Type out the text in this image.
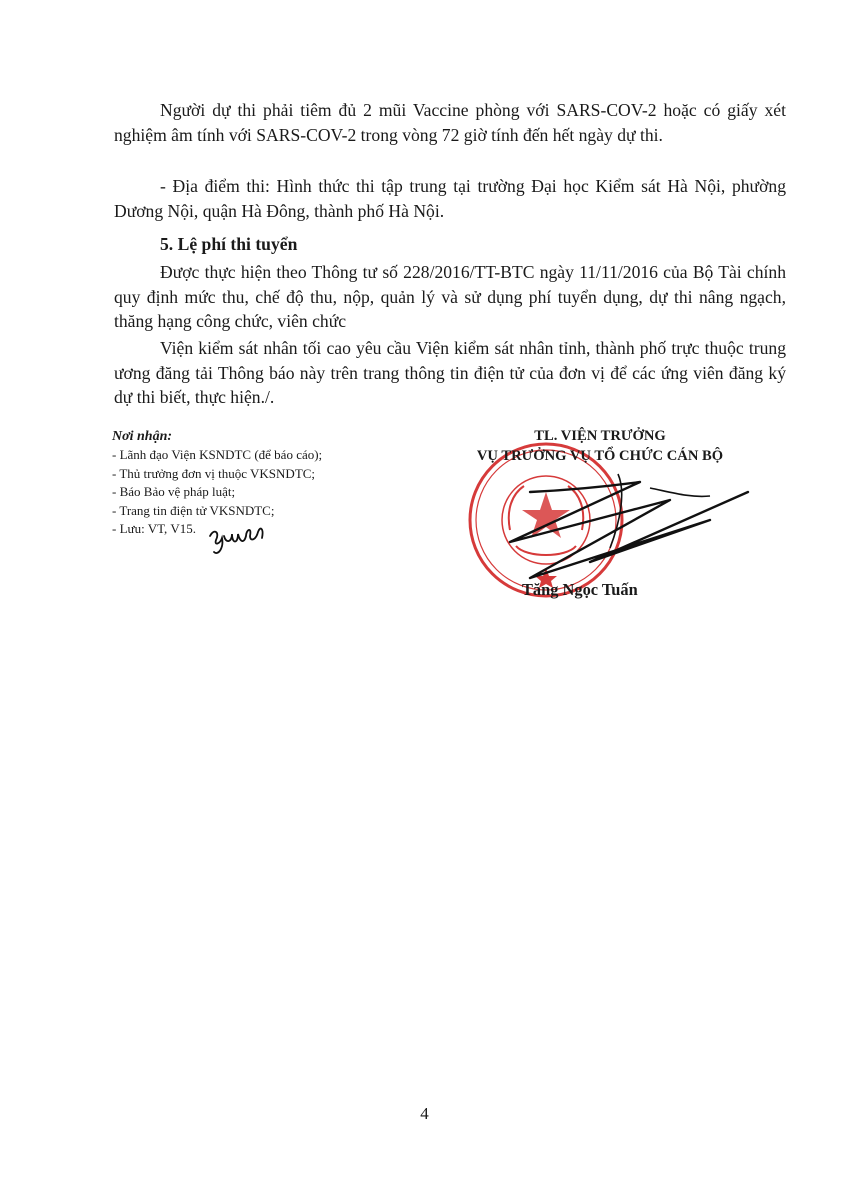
Người dự thi phải tiêm đủ 2 mũi Vaccine phòng với SARS-COV-2 hoặc có giấy xét nghiệm âm tính với SARS-COV-2 trong vòng 72 giờ tính đến hết ngày dự thi.

- Địa điểm thi: Hình thức thi tập trung tại trường Đại học Kiểm sát Hà Nội, phường Dương Nội, quận Hà Đông, thành phố Hà Nội.

5. Lệ phí thi tuyển

Được thực hiện theo Thông tư số 228/2016/TT-BTC ngày 11/11/2016 của Bộ Tài chính quy định mức thu, chế độ thu, nộp, quản lý và sử dụng phí tuyển dụng, dự thi nâng ngạch, thăng hạng công chức, viên chức

Viện kiểm sát nhân tối cao yêu cầu Viện kiểm sát nhân tỉnh, thành phố trực thuộc trung ương đăng tải Thông báo này trên trang thông tin điện tử của đơn vị để các ứng viên đăng ký dự thi biết, thực hiện./.

Nơi nhận:
- Lãnh đạo Viện KSNDTC (để báo cáo);
- Thủ trưởng đơn vị thuộc VKSNDTC;
- Báo Bảo vệ pháp luật;
- Trang tin điện tử VKSNDTC;
- Lưu: VT, V15.
TL. VIỆN TRƯỞNG
VỤ TRƯỞNG VỤ TỔ CHỨC CÁN BỘ
Tăng Ngọc Tuấn
4
